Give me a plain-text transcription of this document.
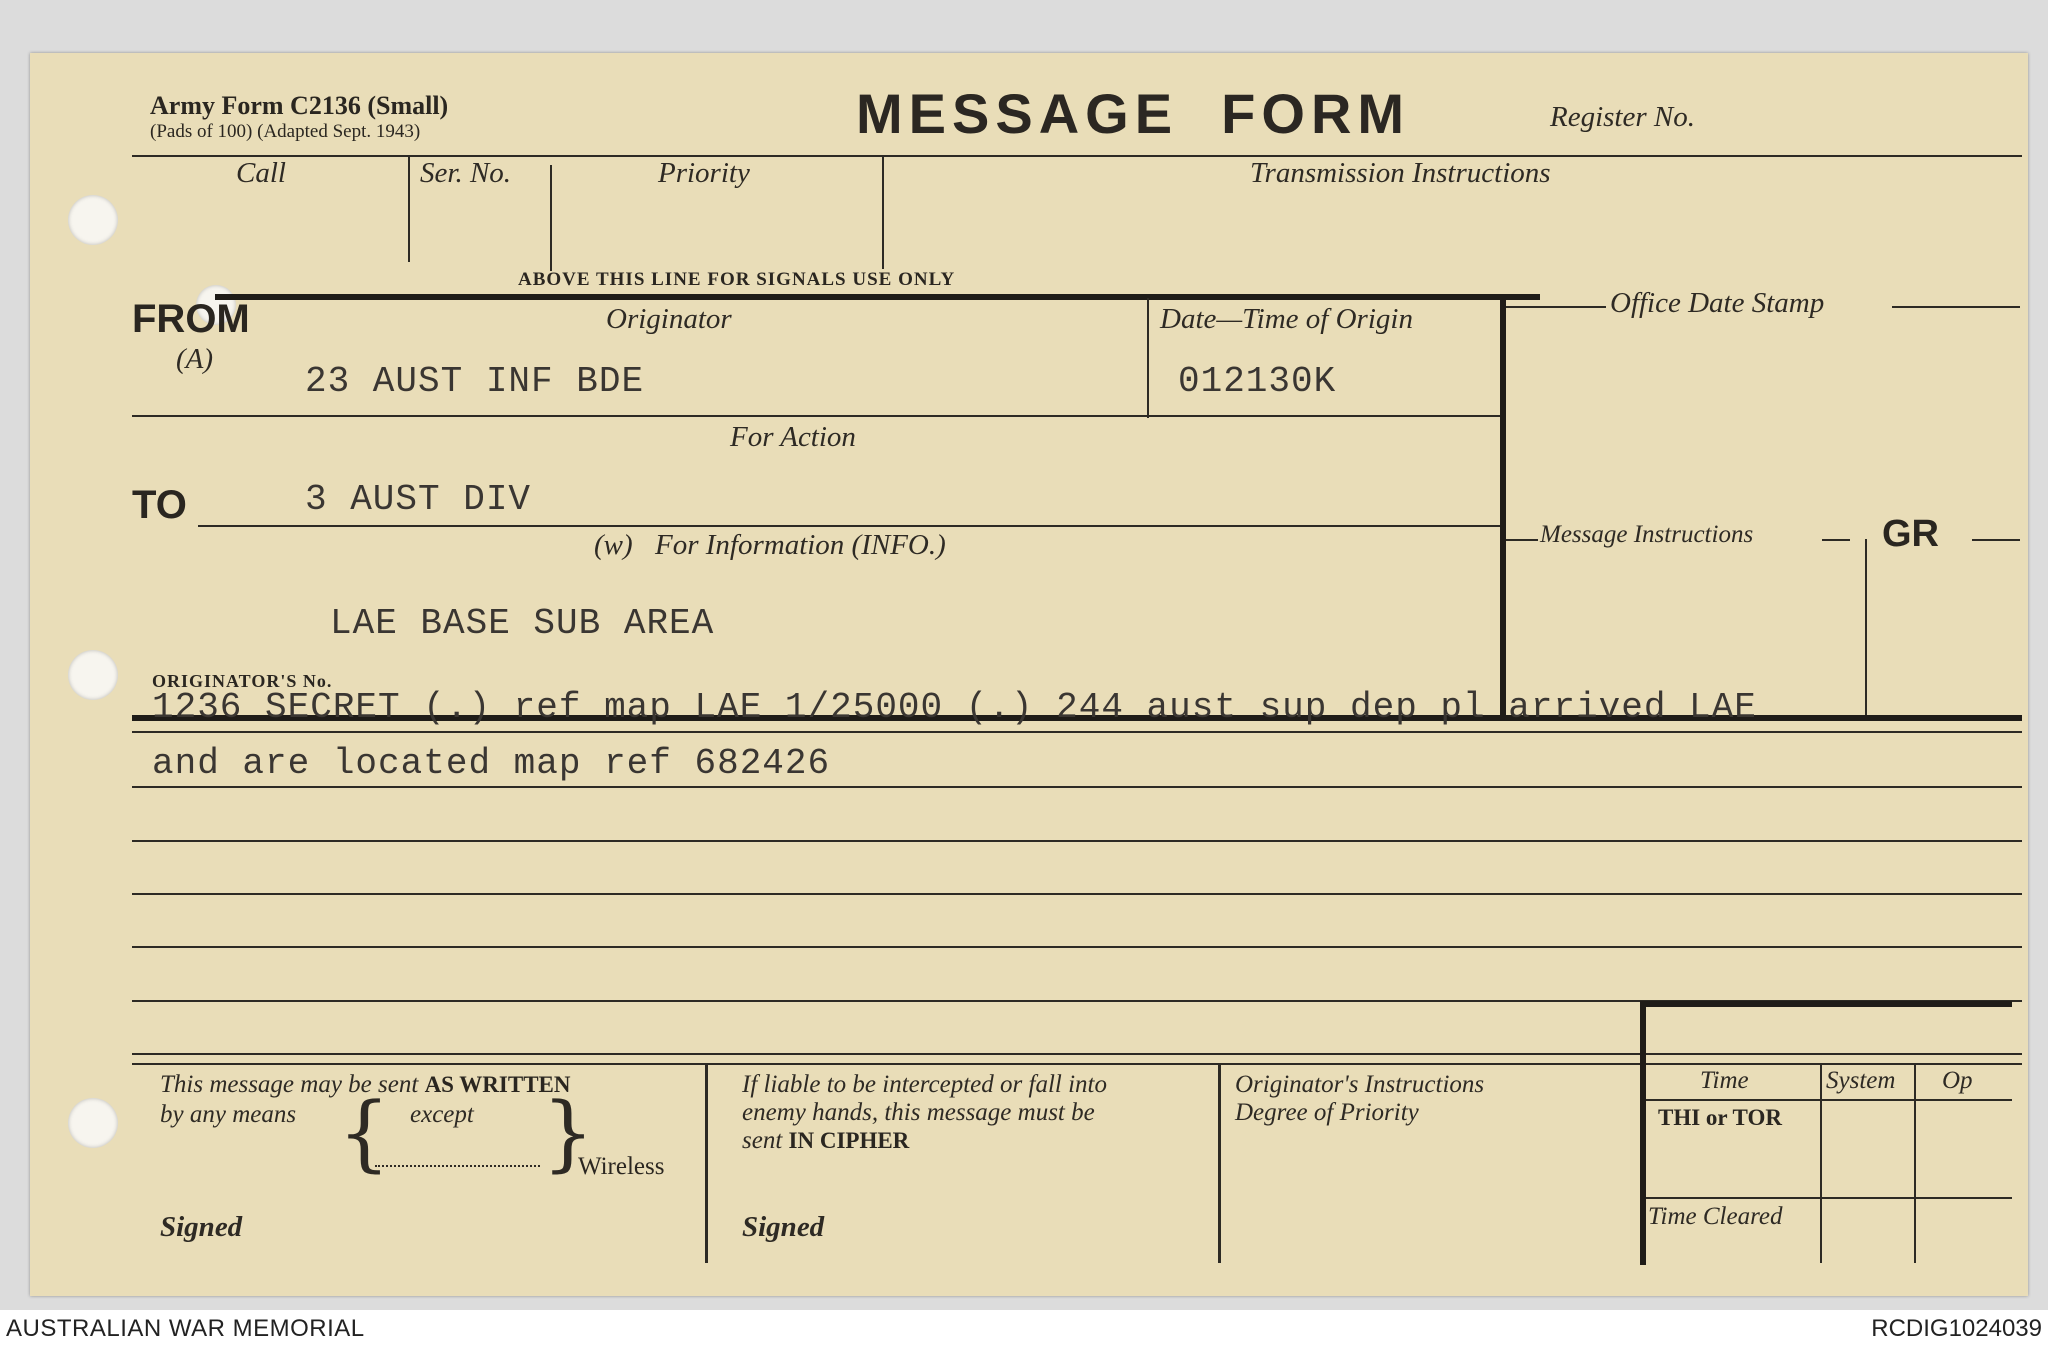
Army Form C2136 (Small)
(Pads of 100) (Adapted Sept. 1943)	MESSAGE  FORM	Register No.
Call	Ser. No.	Priority	Transmission Instructions
ABOVE THIS LINE FOR SIGNALS USE ONLY
FROM
(A)
Originator
23 AUST INF BDE
Date—Time of Origin
012130K
Office Date Stamp
Message Instructions	GR
For Action
TO	3 AUST DIV
(w) For Information (INFO.)
LAE BASE SUB AREA
ORIGINATOR'S No.
1236 SECRET (.) ref map LAE 1/25000 (.) 244 aust sup dep pl arrived LAE
and are located map ref 682426
This message may be sent AS WRITTEN
by any means { except }
Wireless
Signed
If liable to be intercepted or fall into
enemy hands, this message must be
sent IN CIPHER
Signed
Originator's Instructions
Degree of Priority
Time	System Op
THI or TOR
Time Cleared
AUSTRALIAN WAR MEMORIAL	RCDIG1024039
